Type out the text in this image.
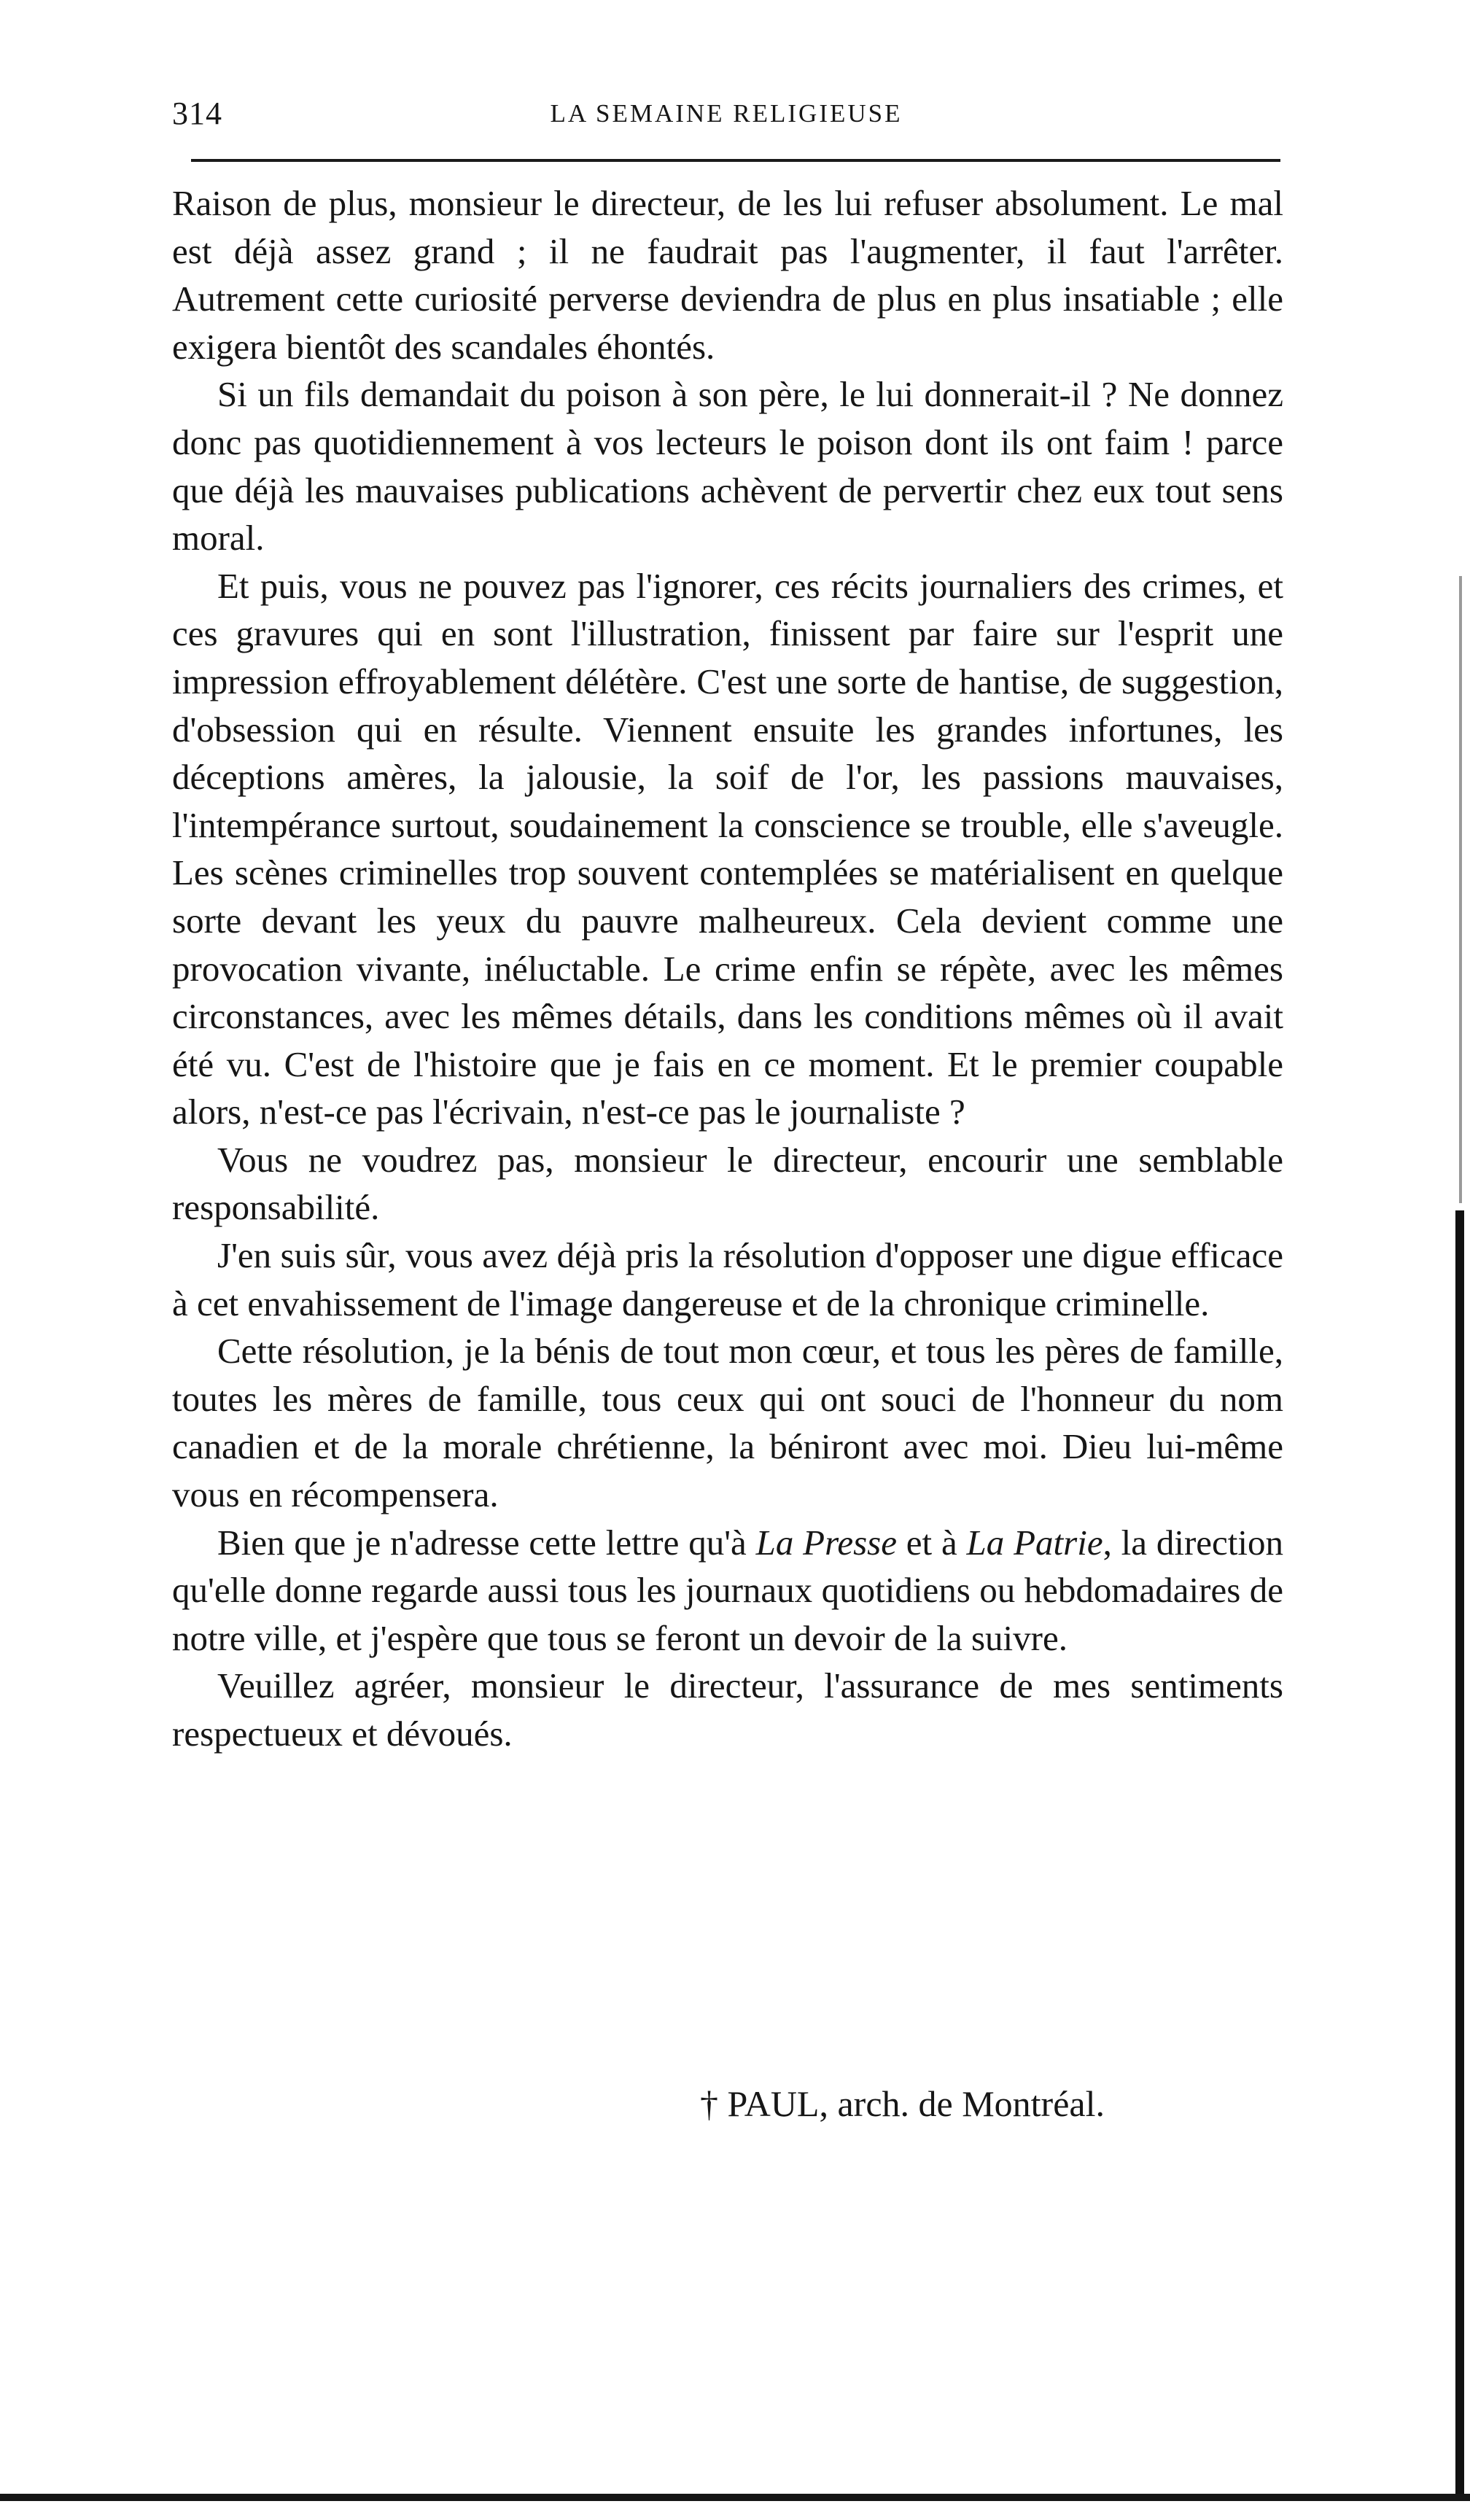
314	LA SEMAINE RELIGIEUSE

Raison de plus, monsieur le directeur, de les lui refuser absolument. Le mal est déjà assez grand ; il ne faudrait pas l'augmenter, il faut l'arrêter. Autrement cette curiosité perverse deviendra de plus en plus insatiable ; elle exigera bientôt des scandales éhontés.

Si un fils demandait du poison à son père, le lui donnerait-il ? Ne donnez donc pas quotidiennement à vos lecteurs le poison dont ils ont faim ! parce que déjà les mauvaises publications achèvent de pervertir chez eux tout sens moral.

Et puis, vous ne pouvez pas l'ignorer, ces récits journaliers des crimes, et ces gravures qui en sont l'illustration, finissent par faire sur l'esprit une impression effroyablement délétère. C'est une sorte de hantise, de suggestion, d'obsession qui en résulte. Viennent ensuite les grandes infortunes, les déceptions amères, la jalousie, la soif de l'or, les passions mauvaises, l'intempérance surtout, soudainement la conscience se trouble, elle s'aveugle. Les scènes criminelles trop souvent contemplées se matérialisent en quelque sorte devant les yeux du pauvre malheureux. Cela devient comme une provocation vivante, inéluctable. Le crime enfin se répète, avec les mêmes circonstances, avec les mêmes détails, dans les conditions mêmes où il avait été vu. C'est de l'histoire que je fais en ce moment. Et le premier coupable alors, n'est-ce pas l'écrivain, n'est-ce pas le journaliste ?

Vous ne voudrez pas, monsieur le directeur, encourir une semblable responsabilité.

J'en suis sûr, vous avez déjà pris la résolution d'opposer une digue efficace à cet envahissement de l'image dangereuse et de la chronique criminelle.

Cette résolution, je la bénis de tout mon cœur, et tous les pères de famille, toutes les mères de famille, tous ceux qui ont souci de l'honneur du nom canadien et de la morale chrétienne, la béniront avec moi. Dieu lui-même vous en récompensera.

Bien que je n'adresse cette lettre qu'à La Presse et à La Patrie, la direction qu'elle donne regarde aussi tous les journaux quotidiens ou hebdomadaires de notre ville, et j'espère que tous se feront un devoir de la suivre.

Veuillez agréer, monsieur le directeur, l'assurance de mes sentiments respectueux et dévoués.

† PAUL, arch. de Montréal.
